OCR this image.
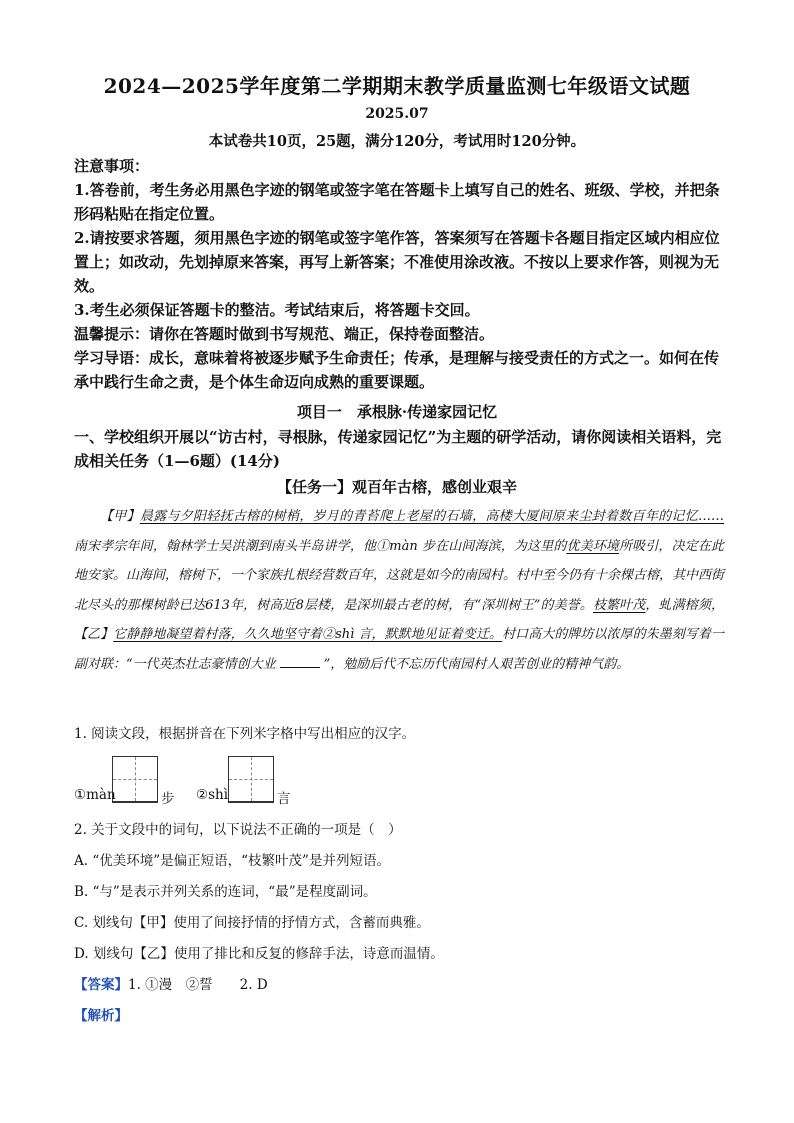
2024—2025学年度第二学期期末教学质量监测七年级语文试题
2025.07
本试卷共10页，25题，满分120分，考试用时120分钟。
注意事项：
1.答卷前，考生务必用黑色字迹的钢笔或签字笔在答题卡上填写自己的姓名、班级、学校，并把条形码粘贴在指定位置。
2.请按要求答题，须用黑色字迹的钢笔或签字笔作答，答案须写在答题卡各题目指定区域内相应位置上；如改动，先划掉原来答案，再写上新答案；不准使用涂改液。不按以上要求作答，则视为无效。
3.考生必须保证答题卡的整洁。考试结束后，将答题卡交回。
温馨提示：请你在答题时做到书写规范、端正，保持卷面整洁。
学习导语：成长，意味着将被逐步赋予生命责任；传承，是理解与接受责任的方式之一。如何在传承中践行生命之责，是个体生命迈向成熟的重要课题。
项目一　承根脉·传递家园记忆
一、学校组织开展以“访古村，寻根脉，传递家园记忆”为主题的研学活动，请你阅读相关语料，完成相关任务（1—6题）(14分)
【任务一】观百年古榕，感创业艰辛
【甲】晨露与夕阳轻抚古榕的树梢，岁月的青苔爬上老屋的石墙，高楼大厦间原来尘封着数百年的记忆……南宋孝宗年间，翰林学士吴洪潮到南头半岛讲学，他①màn 步在山间海滨，为这里的优美环境所吸引，决定在此地安家。山海间，榕树下，一个家族扎根经营数百年，这就是如今的南园村。村中至今仍有十余棵古榕，其中西街北尽头的那棵树龄已达613年，树高近8层楼，是深圳最古老的树，有“深圳树王”的美誉。枝繁叶茂，虬满榕须，【乙】它静静地凝望着村落，久久地坚守着②shì 言，默默地见证着变迁。村口高大的牌坊以浓厚的朱墨刻写着一副对联：“一代英杰壮志豪情创大业	”，勉励后代不忘历代南园村人艰苦创业的精神气韵。
1. 阅读文段，根据拼音在下列米字格中写出相应的汉字。
①màn	步 ②shì	言
2. 关于文段中的词句，以下说法不正确的一项是（　）
A. “优美环境”是偏正短语，“枝繁叶茂”是并列短语。
B. “与”是表示并列关系的连词，“最”是程度副词。
C. 划线句【甲】使用了间接抒情的抒情方式，含蓄而典雅。
D. 划线句【乙】使用了排比和反复的修辞手法，诗意而温情。
【答案】1. ①漫　②誓　　2. D
【解析】
